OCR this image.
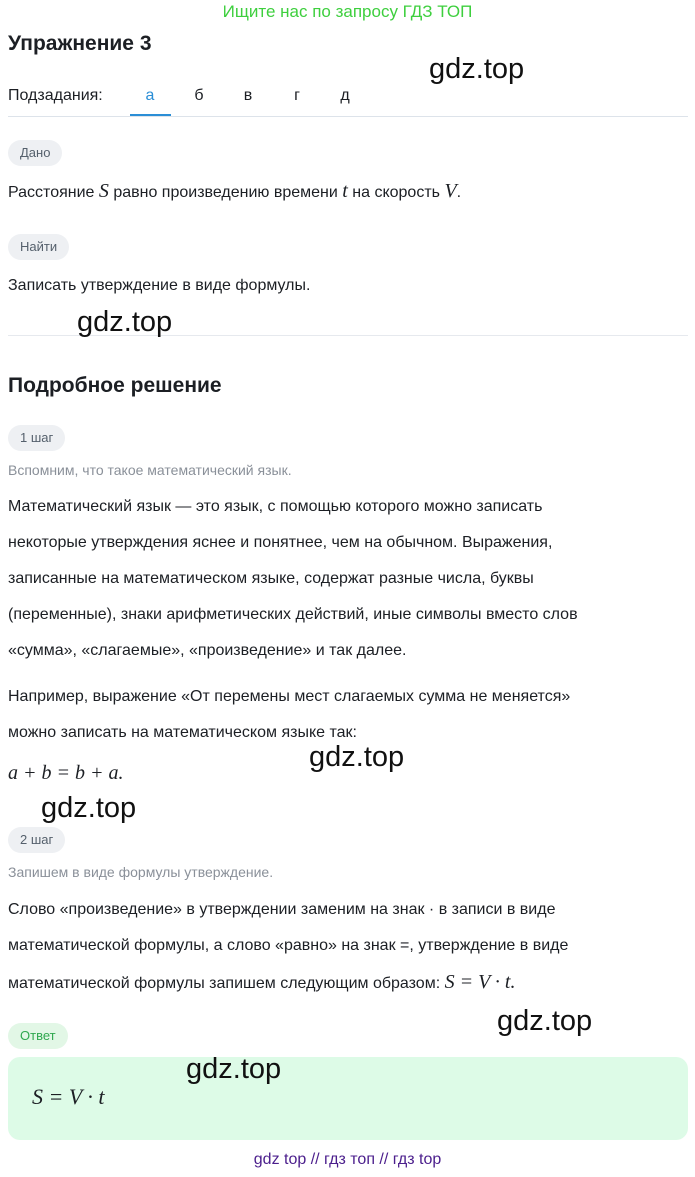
Ищите нас по запросу ГДЗ ТОП
Упражнение 3
Подзадания:	а	б	в	г	д
Дано
Расстояние S равно произведению времени t на скорость V.
Найти
Записать утверждение в виде формулы.
Подробное решение
1 шаг
Вспомним, что такое математический язык.
Математический язык — это язык, с помощью которого можно записать
некоторые утверждения яснее и понятнее, чем на обычном. Выражения,
записанные на математическом языке, содержат разные числа, буквы
(переменные), знаки арифметических действий, иные символы вместо слов
«сумма», «слагаемые», «произведение» и так далее.
Например, выражение «От перемены мест слагаемых сумма не меняется»
можно записать на математическом языке так:
a + b = b + a.
2 шаг
Запишем в виде формулы утверждение.
Слово «произведение» в утверждении заменим на знак · в записи в виде
математической формулы, а слово «равно» на знак =, утверждение в виде
математической формулы запишем следующим образом: S = V · t.
Ответ
S = V · t
gdz.top
gdz.top
gdz.top
gdz.top
gdz.top
gdz.top
gdz top // гдз топ // гдз top
